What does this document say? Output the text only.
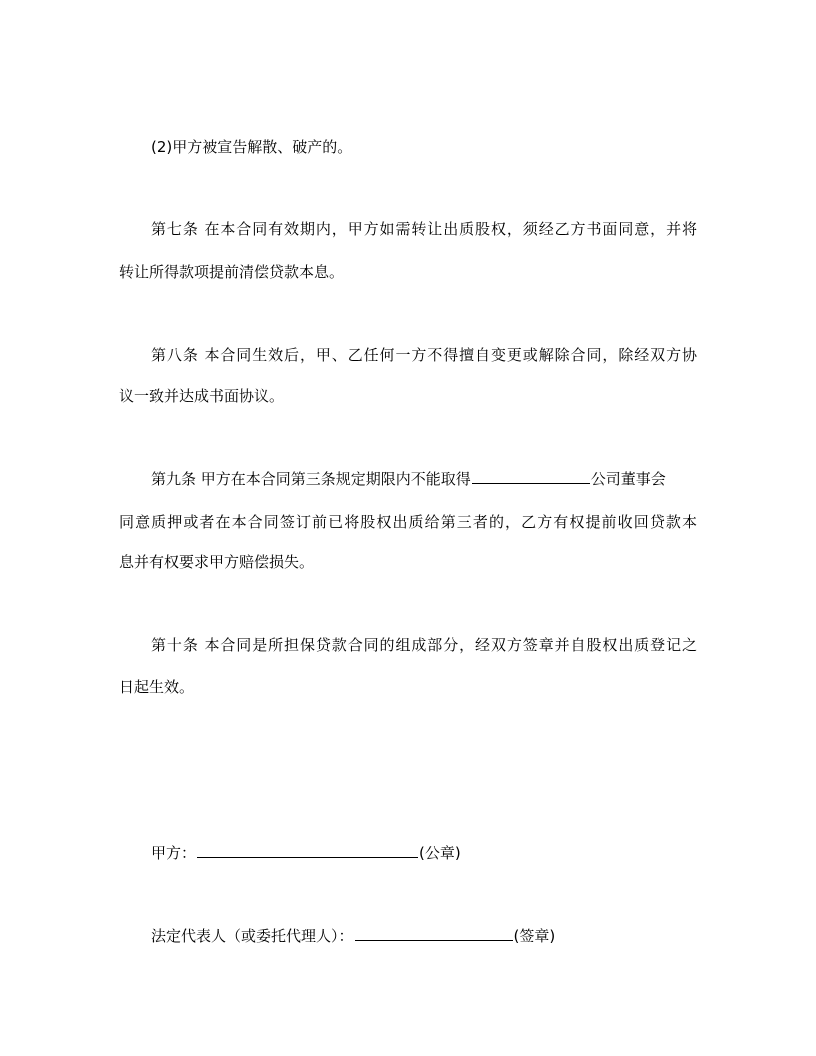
(2)甲方被宣告解散、破产的。
第七条 在本合同有效期内，甲方如需转让出质股权，须经乙方书面同意，并将
转让所得款项提前清偿贷款本息。
第八条 本合同生效后，甲、乙任何一方不得擅自变更或解除合同，除经双方协
议一致并达成书面协议。
第九条 甲方在本合同第三条规定期限内不能取得	公司董事会
同意质押或者在本合同签订前已将股权出质给第三者的，乙方有权提前收回贷款本
息并有权要求甲方赔偿损失。
第十条 本合同是所担保贷款合同的组成部分，经双方签章并自股权出质登记之
日起生效。
甲方：	(公章)
法定代表人（或委托代理人）：	(签章)
